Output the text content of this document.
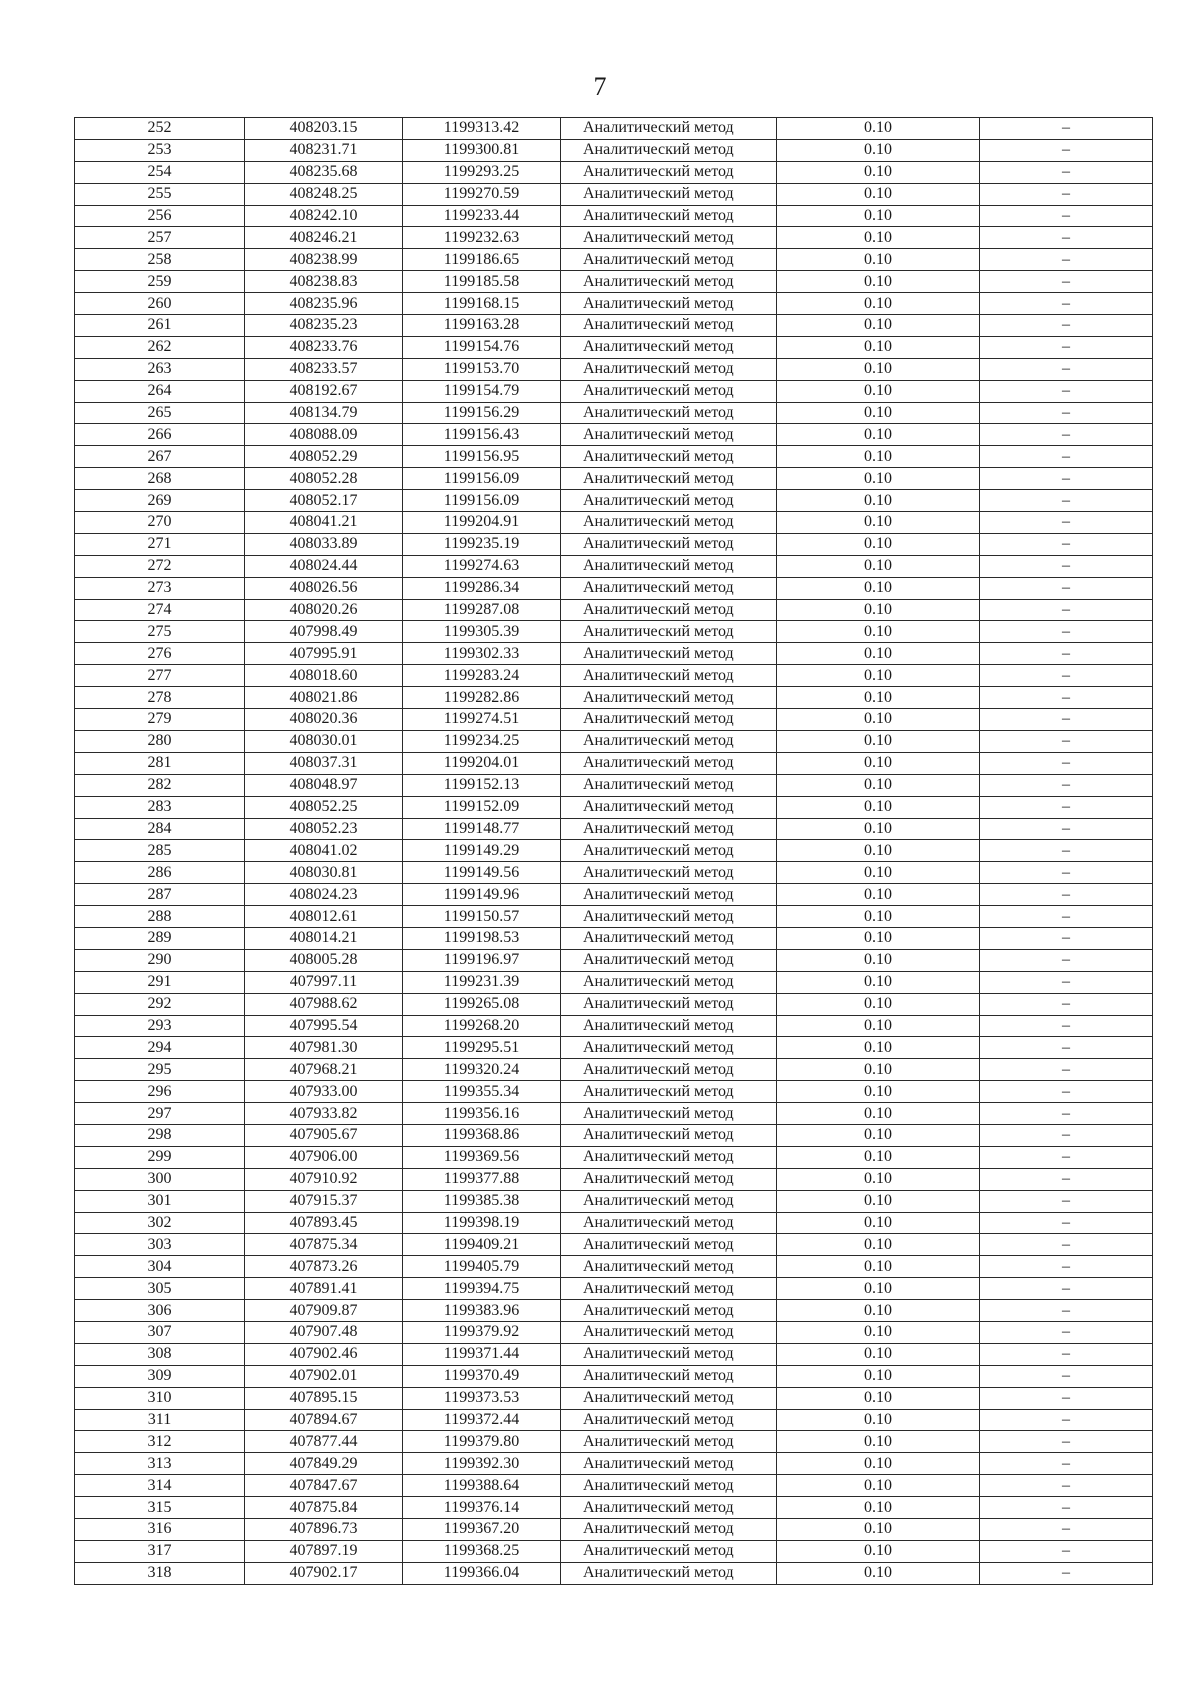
7
252	408203.15	1199313.42	Аналитический метод	0.10	–
253	408231.71	1199300.81	Аналитический метод	0.10	–
254	408235.68	1199293.25	Аналитический метод	0.10	–
255	408248.25	1199270.59	Аналитический метод	0.10	–
256	408242.10	1199233.44	Аналитический метод	0.10	–
257	408246.21	1199232.63	Аналитический метод	0.10	–
258	408238.99	1199186.65	Аналитический метод	0.10	–
259	408238.83	1199185.58	Аналитический метод	0.10	–
260	408235.96	1199168.15	Аналитический метод	0.10	–
261	408235.23	1199163.28	Аналитический метод	0.10	–
262	408233.76	1199154.76	Аналитический метод	0.10	–
263	408233.57	1199153.70	Аналитический метод	0.10	–
264	408192.67	1199154.79	Аналитический метод	0.10	–
265	408134.79	1199156.29	Аналитический метод	0.10	–
266	408088.09	1199156.43	Аналитический метод	0.10	–
267	408052.29	1199156.95	Аналитический метод	0.10	–
268	408052.28	1199156.09	Аналитический метод	0.10	–
269	408052.17	1199156.09	Аналитический метод	0.10	–
270	408041.21	1199204.91	Аналитический метод	0.10	–
271	408033.89	1199235.19	Аналитический метод	0.10	–
272	408024.44	1199274.63	Аналитический метод	0.10	–
273	408026.56	1199286.34	Аналитический метод	0.10	–
274	408020.26	1199287.08	Аналитический метод	0.10	–
275	407998.49	1199305.39	Аналитический метод	0.10	–
276	407995.91	1199302.33	Аналитический метод	0.10	–
277	408018.60	1199283.24	Аналитический метод	0.10	–
278	408021.86	1199282.86	Аналитический метод	0.10	–
279	408020.36	1199274.51	Аналитический метод	0.10	–
280	408030.01	1199234.25	Аналитический метод	0.10	–
281	408037.31	1199204.01	Аналитический метод	0.10	–
282	408048.97	1199152.13	Аналитический метод	0.10	–
283	408052.25	1199152.09	Аналитический метод	0.10	–
284	408052.23	1199148.77	Аналитический метод	0.10	–
285	408041.02	1199149.29	Аналитический метод	0.10	–
286	408030.81	1199149.56	Аналитический метод	0.10	–
287	408024.23	1199149.96	Аналитический метод	0.10	–
288	408012.61	1199150.57	Аналитический метод	0.10	–
289	408014.21	1199198.53	Аналитический метод	0.10	–
290	408005.28	1199196.97	Аналитический метод	0.10	–
291	407997.11	1199231.39	Аналитический метод	0.10	–
292	407988.62	1199265.08	Аналитический метод	0.10	–
293	407995.54	1199268.20	Аналитический метод	0.10	–
294	407981.30	1199295.51	Аналитический метод	0.10	–
295	407968.21	1199320.24	Аналитический метод	0.10	–
296	407933.00	1199355.34	Аналитический метод	0.10	–
297	407933.82	1199356.16	Аналитический метод	0.10	–
298	407905.67	1199368.86	Аналитический метод	0.10	–
299	407906.00	1199369.56	Аналитический метод	0.10	–
300	407910.92	1199377.88	Аналитический метод	0.10	–
301	407915.37	1199385.38	Аналитический метод	0.10	–
302	407893.45	1199398.19	Аналитический метод	0.10	–
303	407875.34	1199409.21	Аналитический метод	0.10	–
304	407873.26	1199405.79	Аналитический метод	0.10	–
305	407891.41	1199394.75	Аналитический метод	0.10	–
306	407909.87	1199383.96	Аналитический метод	0.10	–
307	407907.48	1199379.92	Аналитический метод	0.10	–
308	407902.46	1199371.44	Аналитический метод	0.10	–
309	407902.01	1199370.49	Аналитический метод	0.10	–
310	407895.15	1199373.53	Аналитический метод	0.10	–
311	407894.67	1199372.44	Аналитический метод	0.10	–
312	407877.44	1199379.80	Аналитический метод	0.10	–
313	407849.29	1199392.30	Аналитический метод	0.10	–
314	407847.67	1199388.64	Аналитический метод	0.10	–
315	407875.84	1199376.14	Аналитический метод	0.10	–
316	407896.73	1199367.20	Аналитический метод	0.10	–
317	407897.19	1199368.25	Аналитический метод	0.10	–
318	407902.17	1199366.04	Аналитический метод	0.10	–
